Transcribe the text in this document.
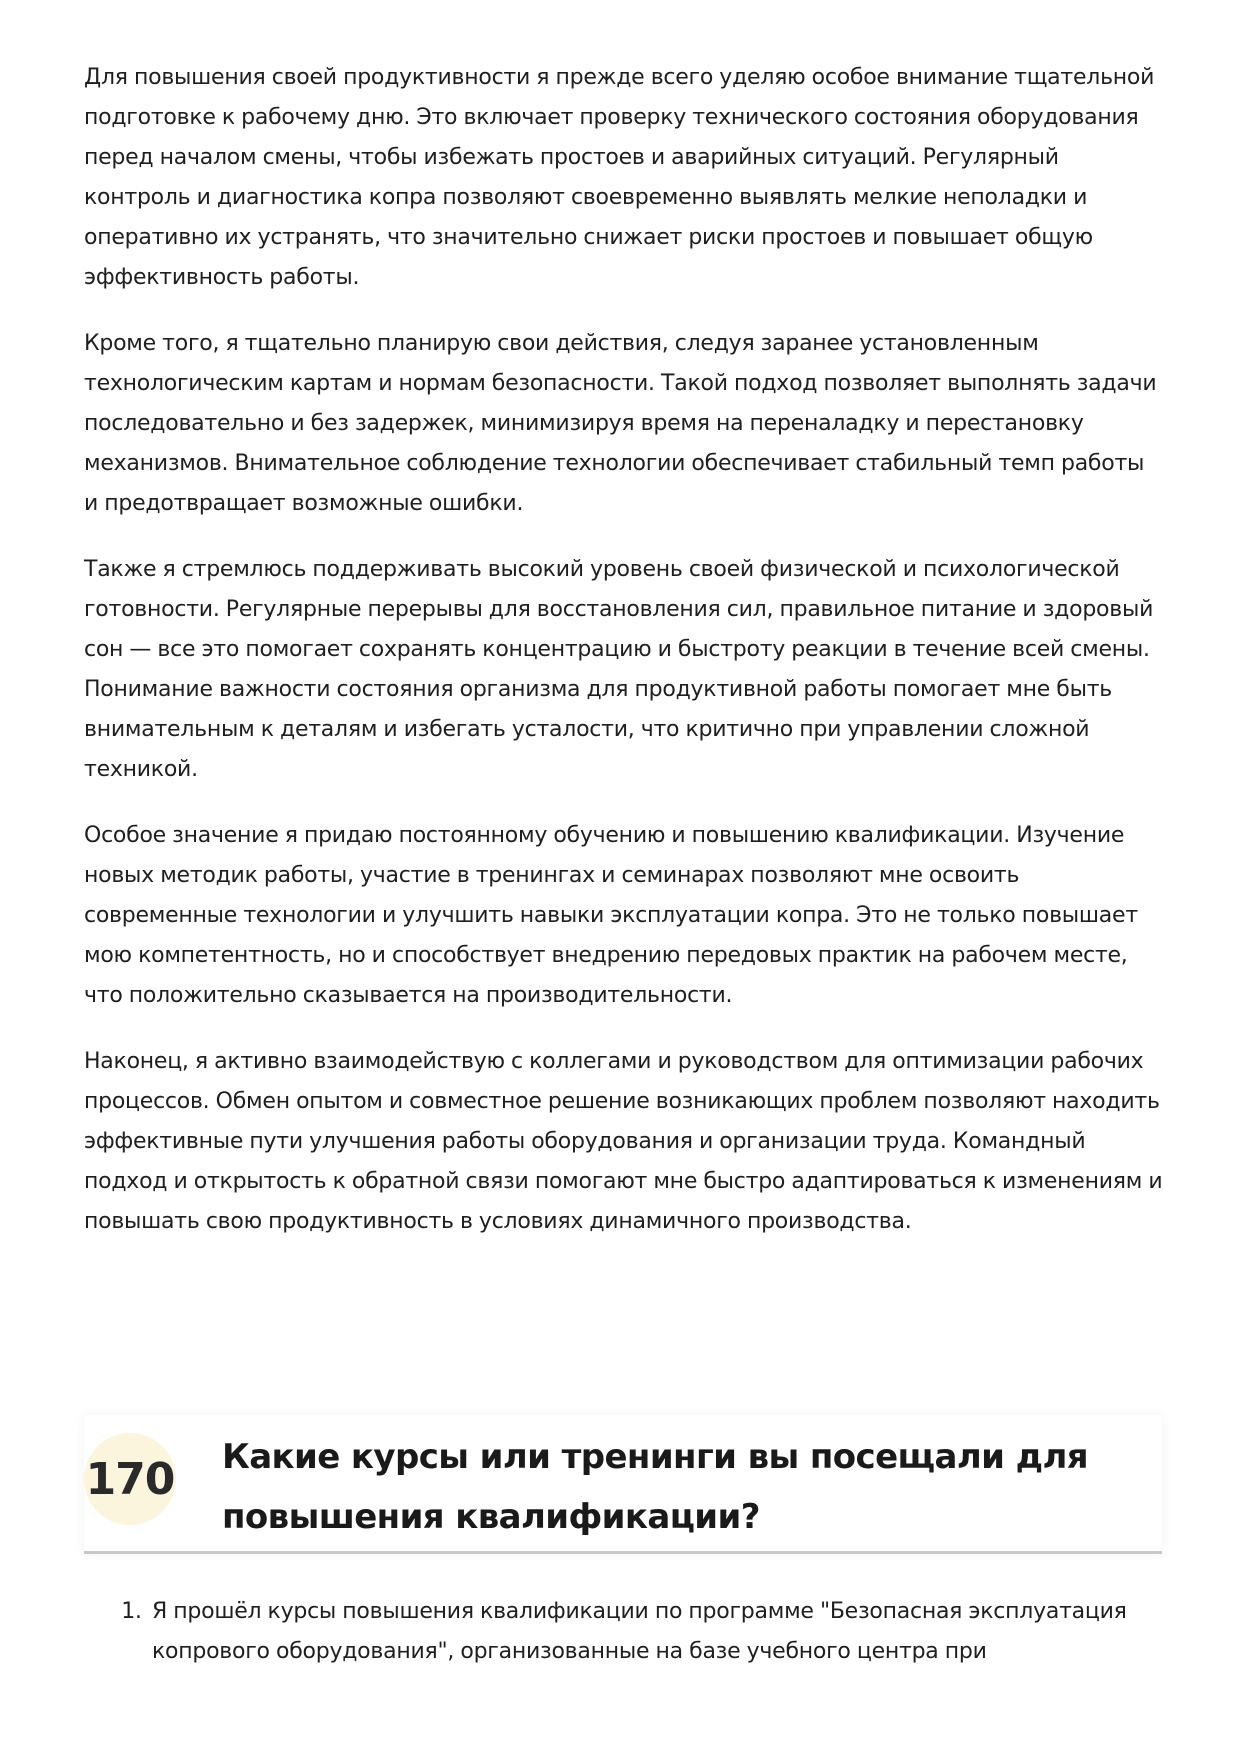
Для повышения своей продуктивности я прежде всего уделяю особое внимание тщательной подготовке к рабочему дню. Это включает проверку технического состояния оборудования перед началом смены, чтобы избежать простоев и аварийных ситуаций. Регулярный контроль и диагностика копра позволяют своевременно выявлять мелкие неполадки и оперативно их устранять, что значительно снижает риски простоев и повышает общую эффективность работы.

Кроме того, я тщательно планирую свои действия, следуя заранее установленным технологическим картам и нормам безопасности. Такой подход позволяет выполнять задачи последовательно и без задержек, минимизируя время на переналадку и перестановку механизмов. Внимательное соблюдение технологии обеспечивает стабильный темп работы и предотвращает возможные ошибки.

Также я стремлюсь поддерживать высокий уровень своей физической и психологической готовности. Регулярные перерывы для восстановления сил, правильное питание и здоровый сон — все это помогает сохранять концентрацию и быстроту реакции в течение всей смены. Понимание важности состояния организма для продуктивной работы помогает мне быть внимательным к деталям и избегать усталости, что критично при управлении сложной техникой.

Особое значение я придаю постоянному обучению и повышению квалификации. Изучение новых методик работы, участие в тренингах и семинарах позволяют мне освоить современные технологии и улучшить навыки эксплуатации копра. Это не только повышает мою компетентность, но и способствует внедрению передовых практик на рабочем месте, что положительно сказывается на производительности.

Наконец, я активно взаимодействую с коллегами и руководством для оптимизации рабочих процессов. Обмен опытом и совместное решение возникающих проблем позволяют находить эффективные пути улучшения работы оборудования и организации труда. Командный подход и открытость к обратной связи помогают мне быстро адаптироваться к изменениям и повышать свою продуктивность в условиях динамичного производства.

170 Какие курсы или тренинги вы посещали для повышения квалификации?
1. Я прошёл курсы повышения квалификации по программе "Безопасная эксплуатация копрового оборудования", организованные на базе учебного центра при
